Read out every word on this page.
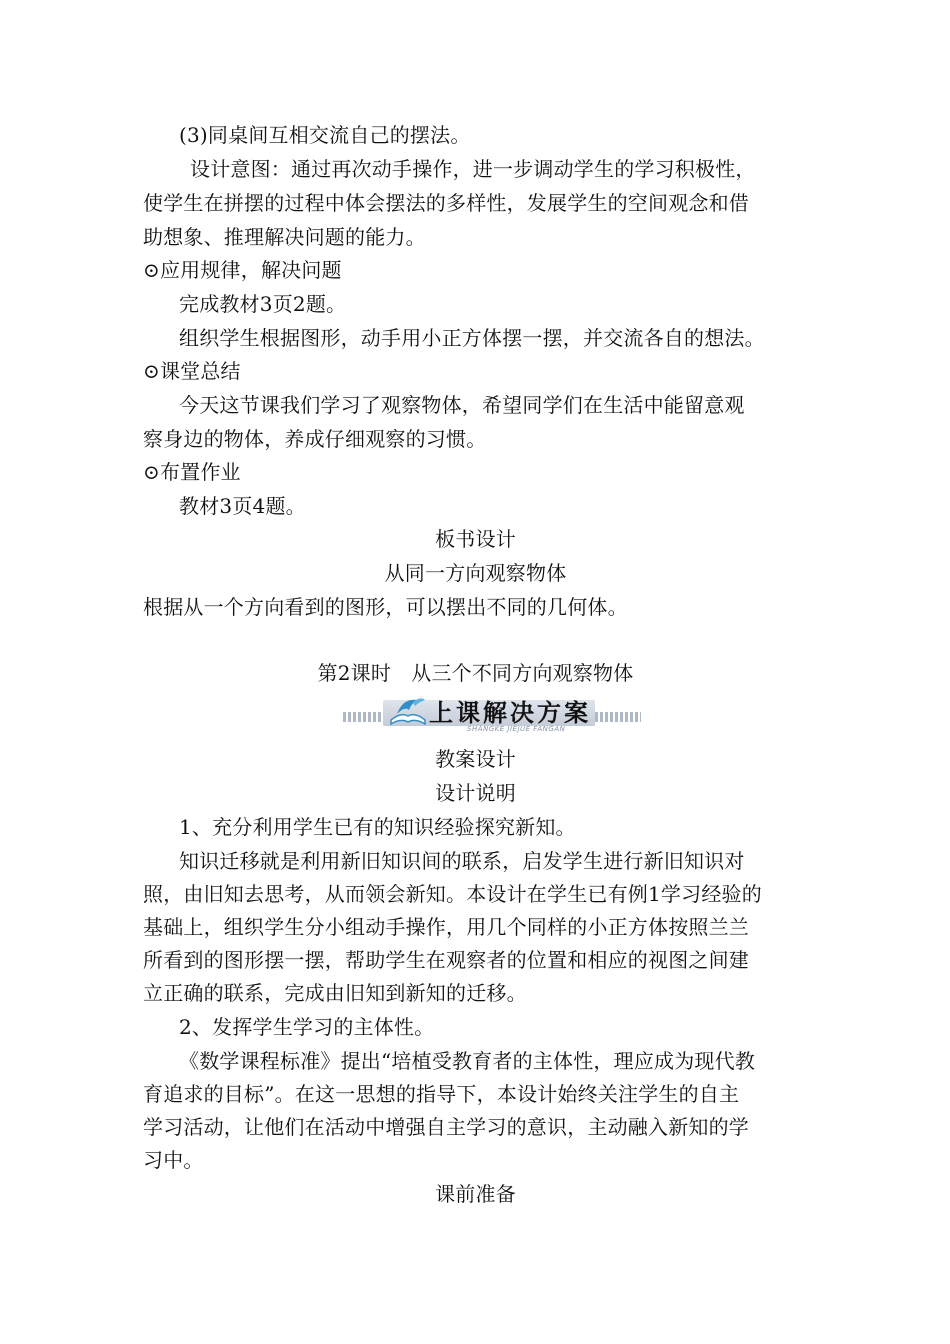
(3)同桌间互相交流自己的摆法。
设计意图：通过再次动手操作，进一步调动学生的学习积极性，
使学生在拼摆的过程中体会摆法的多样性，发展学生的空间观念和借
助想象、推理解决问题的能力。
⊙应用规律，解决问题
完成教材3页2题。
组织学生根据图形，动手用小正方体摆一摆，并交流各自的想法。
⊙课堂总结
今天这节课我们学习了观察物体，希望同学们在生活中能留意观
察身边的物体，养成仔细观察的习惯。
⊙布置作业
教材3页4题。
板书设计
从同一方向观察物体
根据从一个方向看到的图形，可以摆出不同的几何体。
第2课时　从三个不同方向观察物体
上课解决方案
SHANGKE JIEJUE FANGAN
教案设计
设计说明
1、充分利用学生已有的知识经验探究新知。
知识迁移就是利用新旧知识间的联系，启发学生进行新旧知识对
照，由旧知去思考，从而领会新知。本设计在学生已有例1学习经验的
基础上，组织学生分小组动手操作，用几个同样的小正方体按照兰兰
所看到的图形摆一摆，帮助学生在观察者的位置和相应的视图之间建
立正确的联系，完成由旧知到新知的迁移。
2、发挥学生学习的主体性。
《数学课程标准》提出“培植受教育者的主体性，理应成为现代教
育追求的目标”。在这一思想的指导下，本设计始终关注学生的自主
学习活动，让他们在活动中增强自主学习的意识，主动融入新知的学
习中。
课前准备
